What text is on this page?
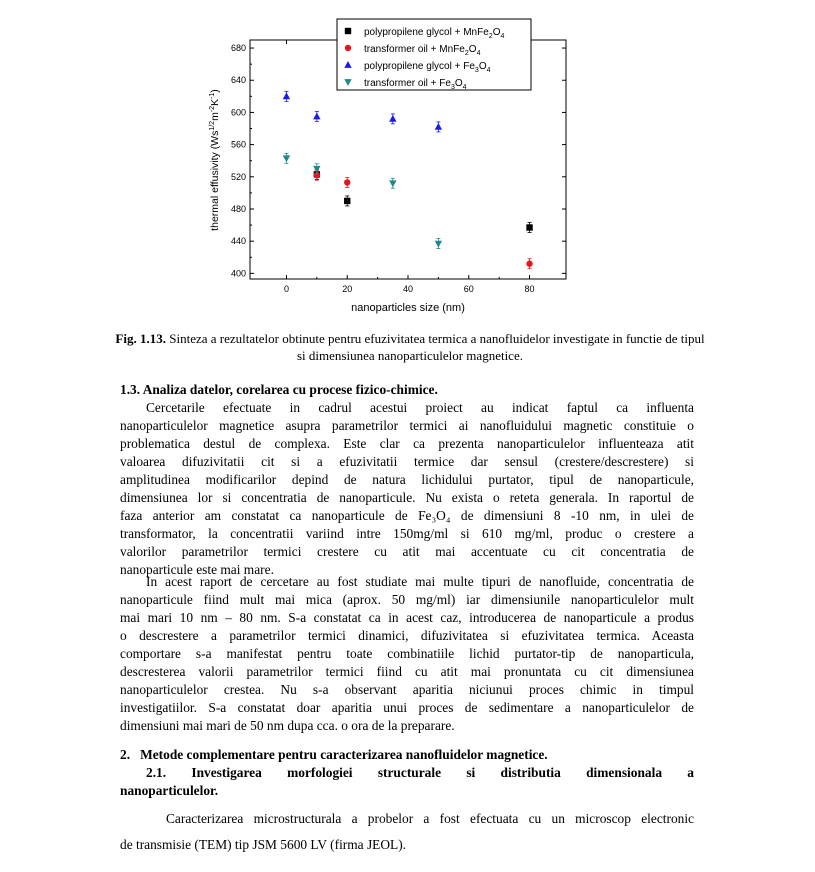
0	20	40	60	80
400
440
480
520
560
600
640
680
polypropilene glycol + $MnFe_2O_4$
transformer oil + $MnFe_2O_4$
polypropilene glycol + $Fe_3O_4$
transformer oil + $Fe_3O_4$
nanoparticles size (nm)
thermal effusivity $(Ws^{1/2}m^{-2}K^{-1})$
Fig. 1.13. Sinteza a rezultatelor obtinute pentru efuzivitatea termica a nanofluidelor investigate in functie de tipul si dimensiunea nanoparticulelor magnetice.
1.3. Analiza datelor, corelarea cu procese fizico-chimice.
Cercetarile efectuate in cadrul acestui proiect au indicat faptul ca influenta
nanoparticulelor magnetice asupra parametrilor termici ai nanofluidului magnetic constituie o
problematica destul de complexa. Este clar ca prezenta nanoparticulelor influenteaza atit
valoarea difuzivitatii cit si a efuzivitatii termice dar sensul (crestere/descrestere) si
amplitudinea modificarilor depind de natura lichidului purtator, tipul de nanoparticule,
dimensiunea lor si concentratia de nanoparticule. Nu exista o reteta generala. In raportul de
faza anterior am constatat ca nanoparticule de Fe₃O₄ de dimensiuni 8 -10 nm, in ulei de
transformator, la concentratii variind intre 150mg/ml si 610 mg/ml, produc o crestere a
valorilor parametrilor termici crestere cu atit mai accentuate cu cit concentratia de
nanoparticule este mai mare.
In acest raport de cercetare au fost studiate mai multe tipuri de nanofluide, concentratia de
nanoparticule fiind mult mai mica (aprox. 50 mg/ml) iar dimensiunile nanoparticulelor mult
mai mari 10 nm – 80 nm. S-a constatat ca in acest caz, introducerea de nanoparticule a produs
o descrestere a parametrilor termici dinamici, difuzivitatea si efuzivitatea termica. Aceasta
comportare s-a manifestat pentru toate combinatiile lichid purtator-tip de nanoparticula,
descresterea valorii parametrilor termici fiind cu atit mai pronuntata cu cit dimensiunea
nanoparticulelor crestea. Nu s-a observant aparitia niciunui proces chimic in timpul
investigatiilor. S-a constatat doar aparitia unui proces de sedimentare a nanoparticulelor de
dimensiuni mai mari de 50 nm dupa cca. o ora de la preparare.
2.   Metode complementare pentru caracterizarea nanofluidelor magnetice.
2.1. Investigarea morfologiei structurale si distributia dimensionala a
nanoparticulelor.
Caracterizarea microstructurala a probelor a fost efectuata cu un microscop electronic
de transmisie (TEM) tip JSM 5600 LV (firma JEOL).
